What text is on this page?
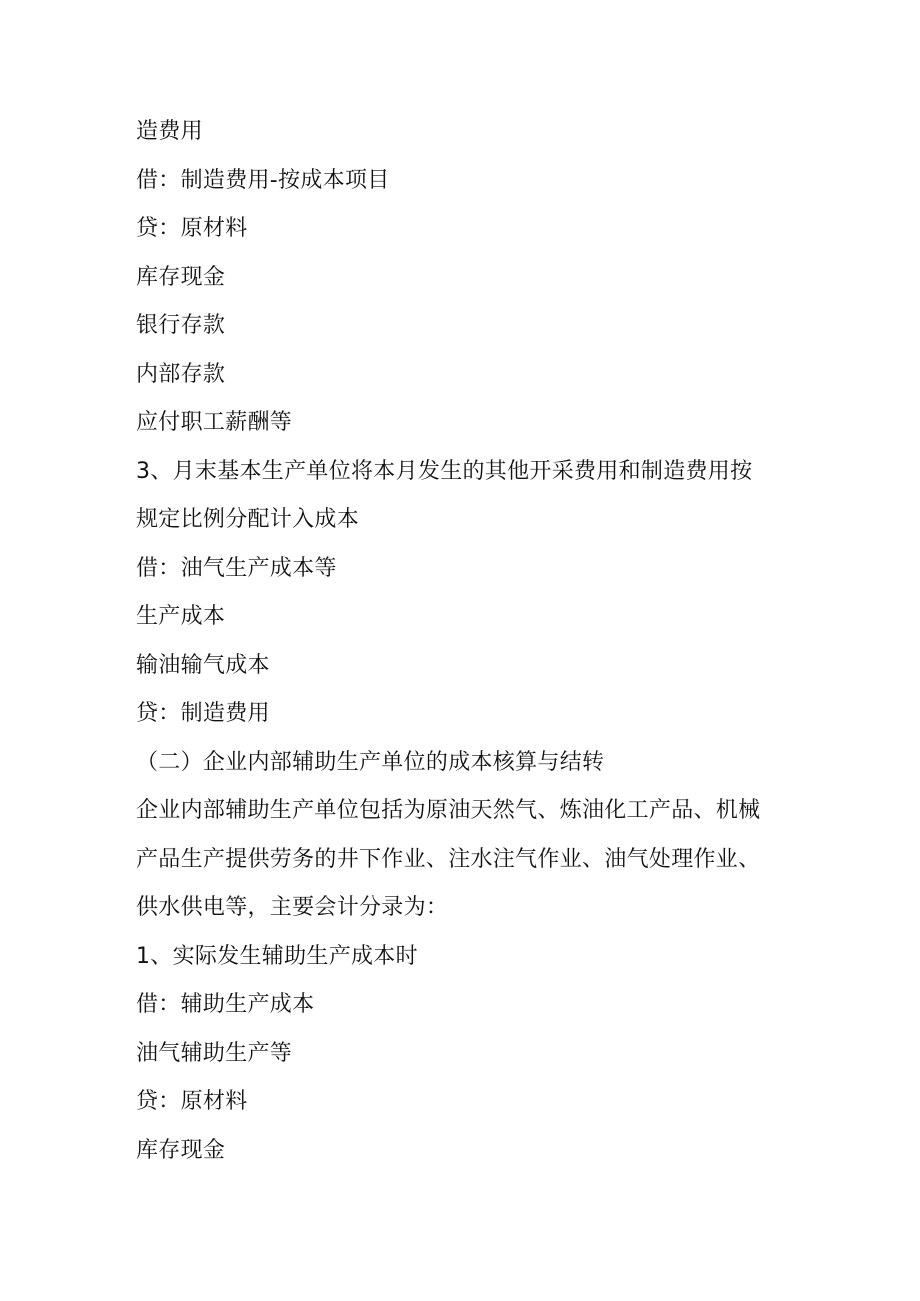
造费用
借：制造费用-按成本项目
贷：原材料
库存现金
银行存款
内部存款
应付职工薪酬等
3、月末基本生产单位将本月发生的其他开采费用和制造费用按
规定比例分配计入成本
借：油气生产成本等
生产成本
输油输气成本
贷：制造费用
（二）企业内部辅助生产单位的成本核算与结转
企业内部辅助生产单位包括为原油天然气、炼油化工产品、机械
产品生产提供劳务的井下作业、注水注气作业、油气处理作业、
供水供电等，主要会计分录为：
1、实际发生辅助生产成本时
借：辅助生产成本
油气辅助生产等
贷：原材料
库存现金
